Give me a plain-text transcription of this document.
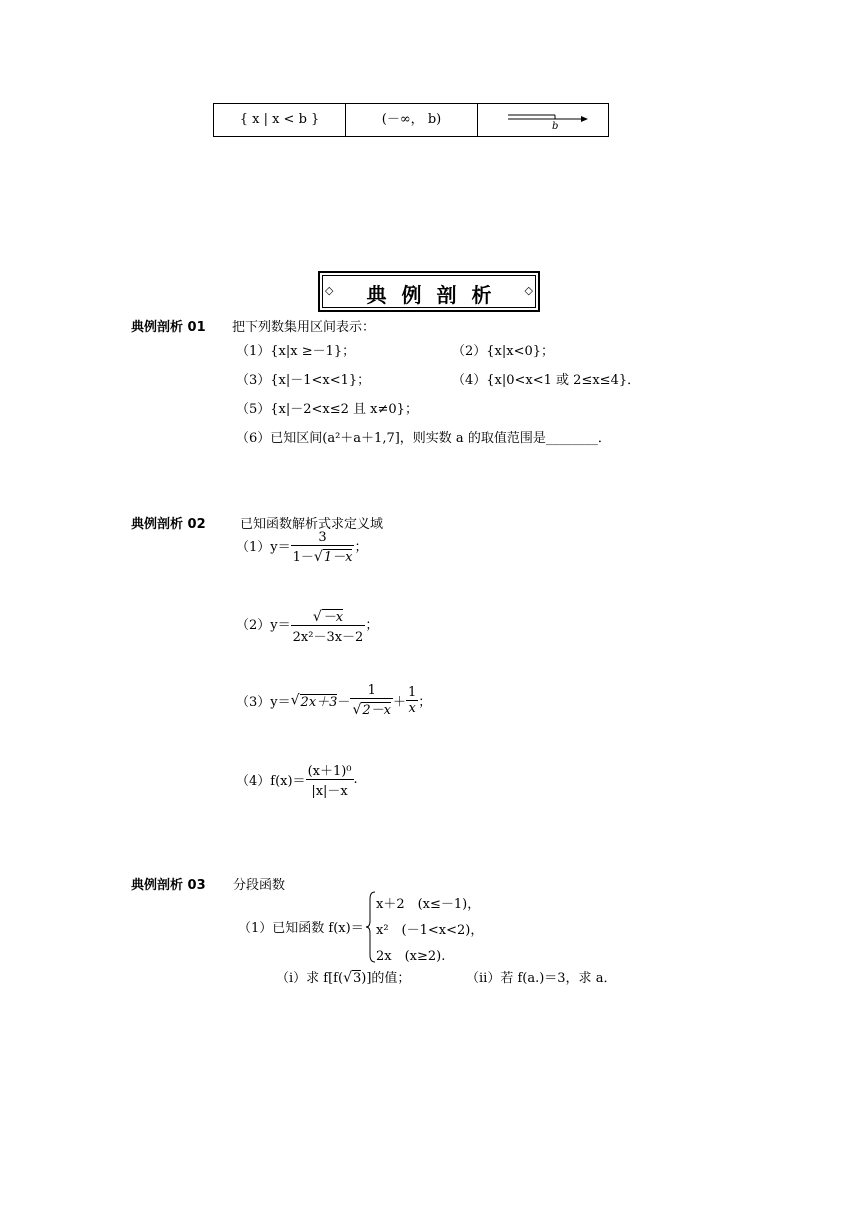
{ x | x < b }	(－∞， b)	b
◇	典例剖析	◇
典例剖析 01 把下列数集用区间表示：
（1）{x|x ≥－1}；	（2）{x|x<0}；
（3）{x|－1<x<1}；	（4）{x|0<x<1 或 2≤x≤4}．
（5）{x|－2<x≤2 且 x≠0}；
（6）已知区间(a²＋a＋1,7]，则实数 a 的取值范围是________．
典例剖析 02	已知函数解析式求定义域
$(1)y= \frac{3}{1-√1-x}$ ；
$(2)y= \frac{√-x}{\text{2x²－3x－2}}$ ；
$(3)y=√2x+3- \frac{1}{√2-x} + \frac{1}{x}$ ；
$(4)f(x)= \frac{\text{(x＋1)⁰}}{|x|-x}$ .
典例剖析 03 分段函数
（1）已知函数 f(x)＝
x＋2　(x≤－1)，
x²　(－1<x<2)，
2x　(x≥2).
（ⅰ）求 f[f(√3)]的值；	（ⅱ）若 f(a.)＝3，求 a．
